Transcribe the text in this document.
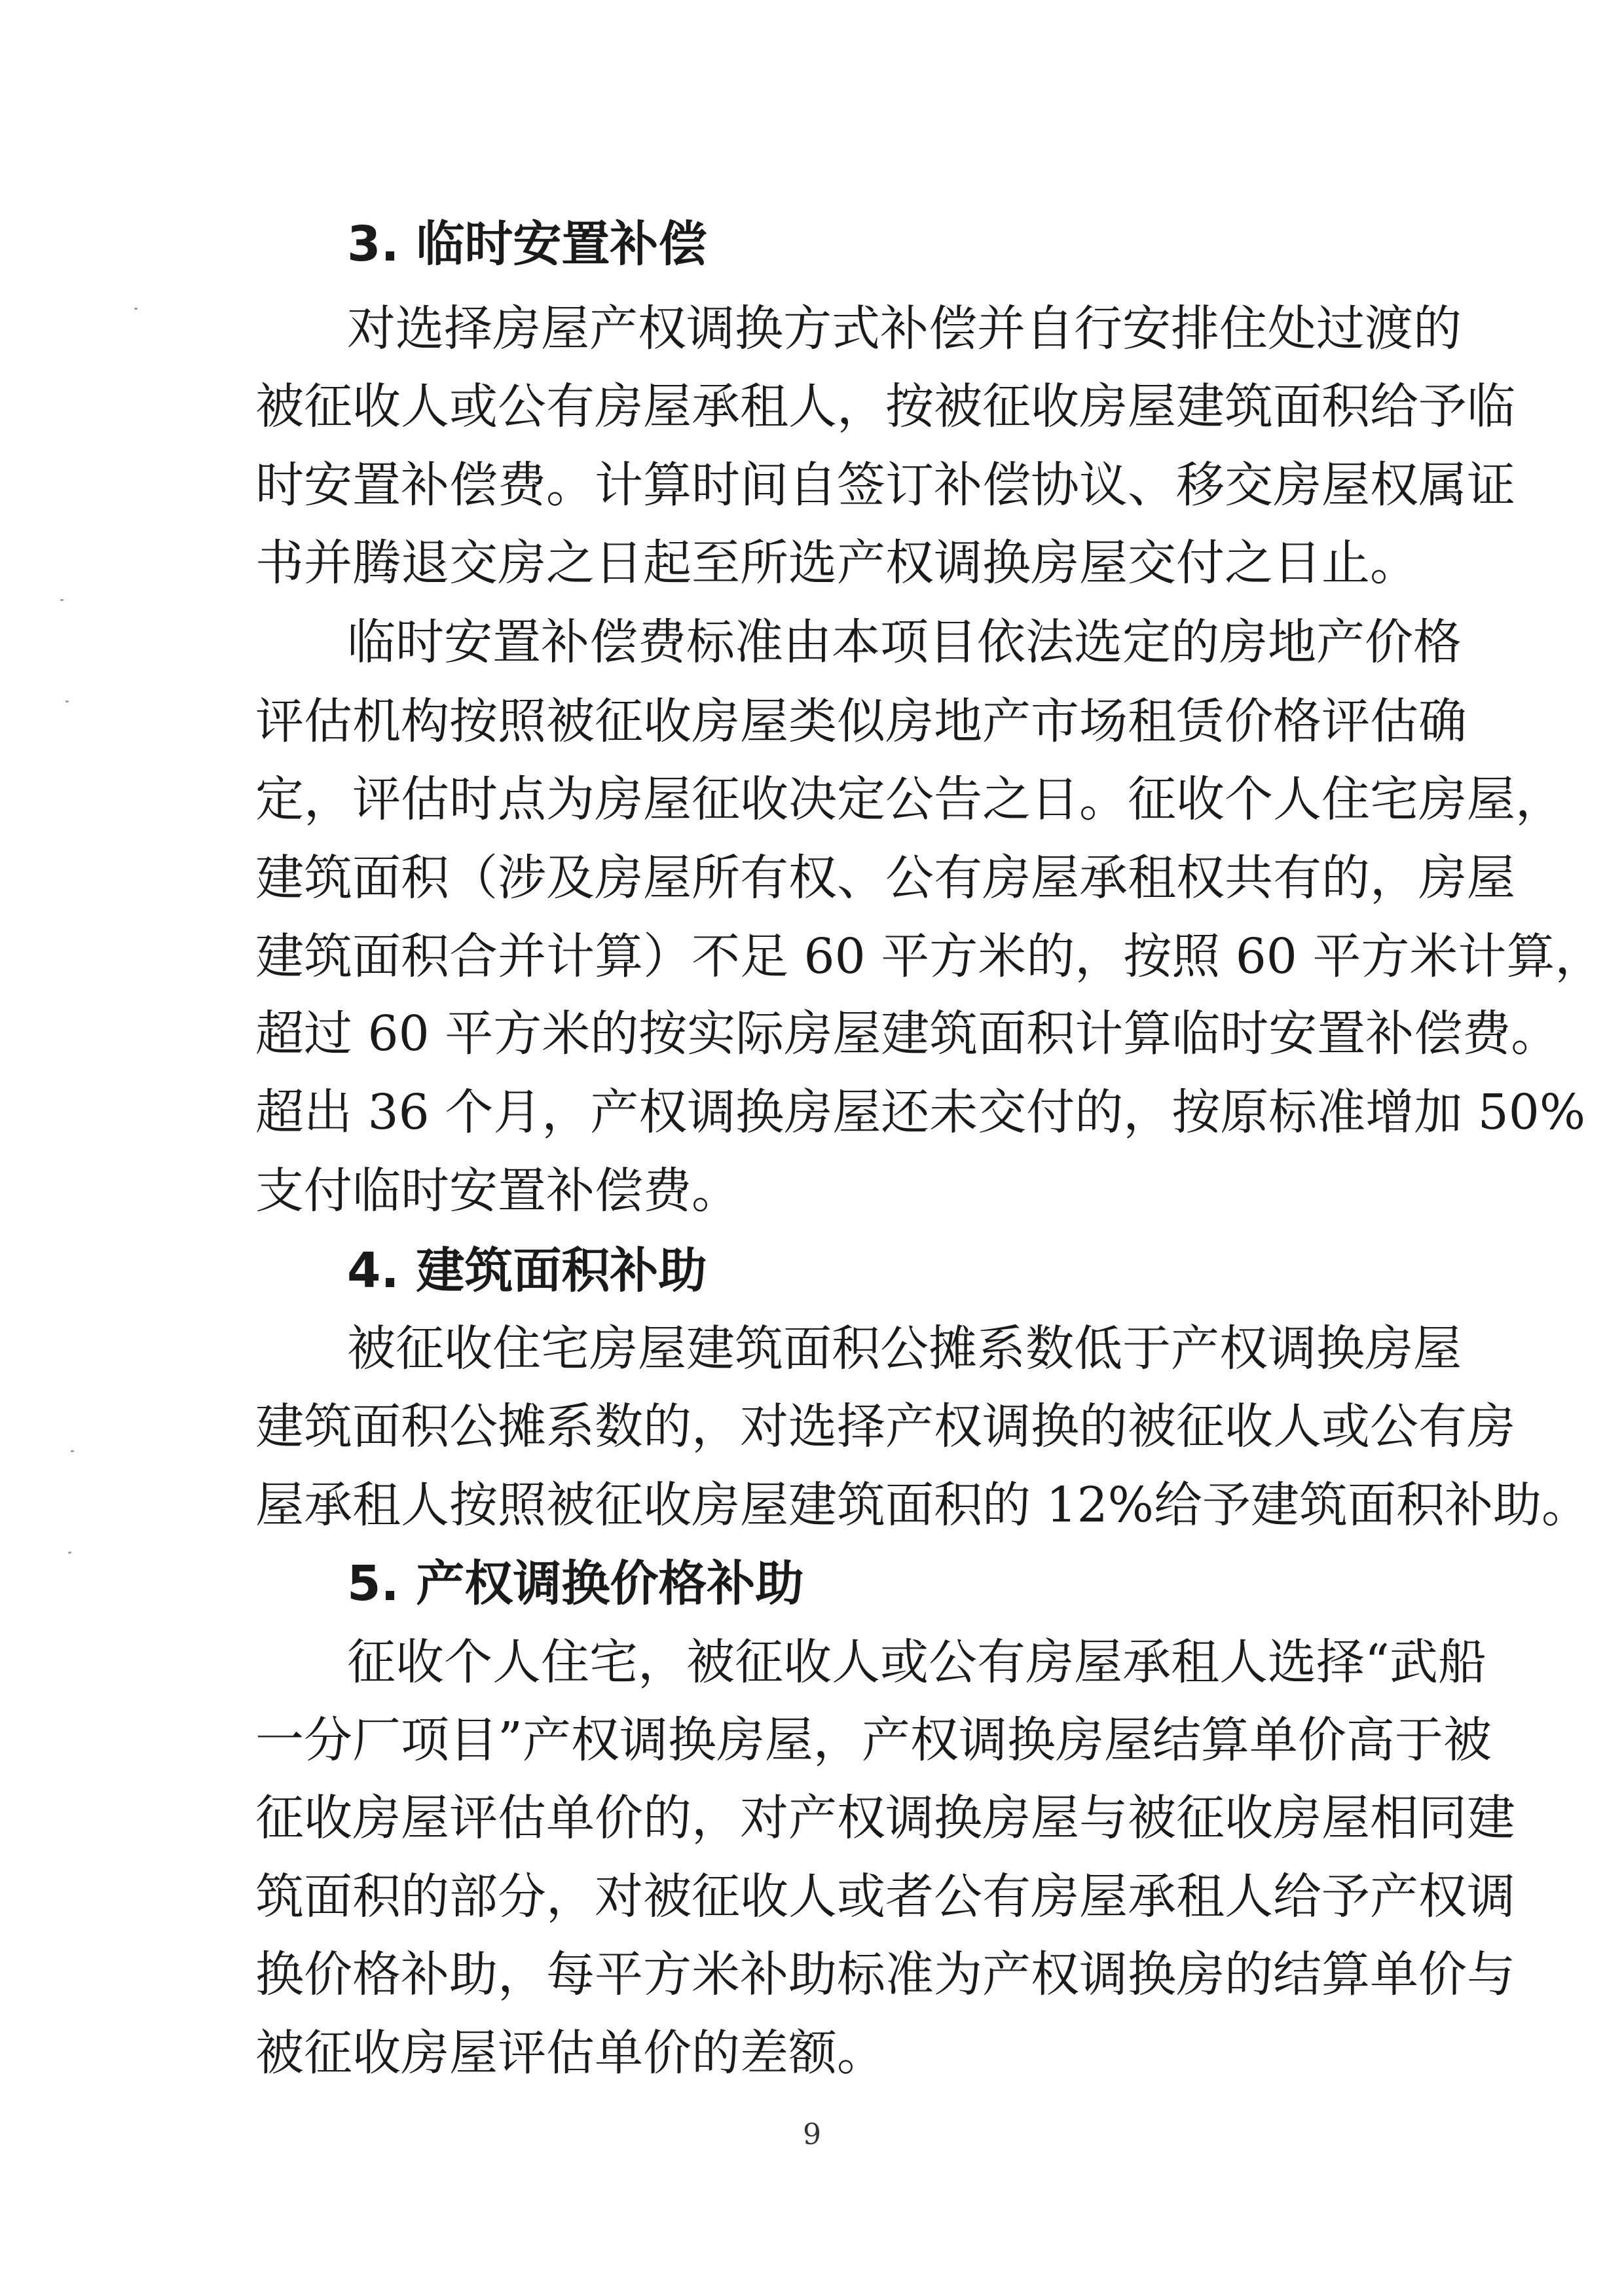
3. 临时安置补偿
对选择房屋产权调换方式补偿并自行安排住处过渡的
被征收人或公有房屋承租人，按被征收房屋建筑面积给予临
时安置补偿费。计算时间自签订补偿协议、移交房屋权属证
书并腾退交房之日起至所选产权调换房屋交付之日止。
临时安置补偿费标准由本项目依法选定的房地产价格
评估机构按照被征收房屋类似房地产市场租赁价格评估确
定，评估时点为房屋征收决定公告之日。征收个人住宅房屋，
建筑面积（涉及房屋所有权、公有房屋承租权共有的，房屋
建筑面积合并计算）不足 60 平方米的，按照 60 平方米计算，
超过 60 平方米的按实际房屋建筑面积计算临时安置补偿费。
超出 36 个月，产权调换房屋还未交付的，按原标准增加 50%
支付临时安置补偿费。
4. 建筑面积补助
被征收住宅房屋建筑面积公摊系数低于产权调换房屋
建筑面积公摊系数的，对选择产权调换的被征收人或公有房
屋承租人按照被征收房屋建筑面积的 12%给予建筑面积补助。
5. 产权调换价格补助
征收个人住宅，被征收人或公有房屋承租人选择“武船
一分厂项目”产权调换房屋，产权调换房屋结算单价高于被
征收房屋评估单价的，对产权调换房屋与被征收房屋相同建
筑面积的部分，对被征收人或者公有房屋承租人给予产权调
换价格补助，每平方米补助标准为产权调换房的结算单价与
被征收房屋评估单价的差额。
9
